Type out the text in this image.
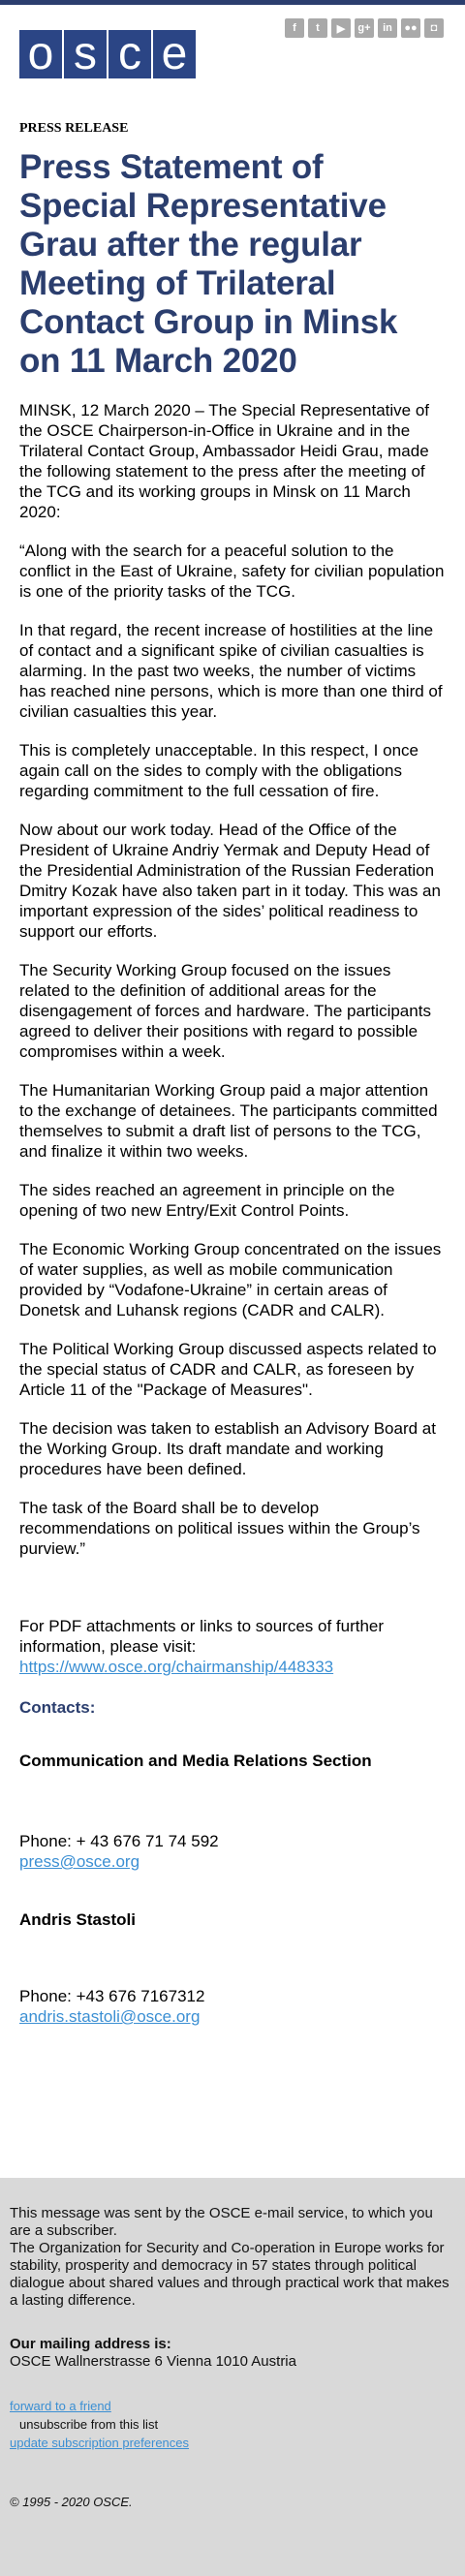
o s c e	f	t	▶	g+	in	●●	◘
PRESS RELEASE
Press Statement of Special Representative Grau after the regular Meeting of Trilateral Contact Group in Minsk on 11 March 2020

MINSK, 12 March 2020 – The Special Representative of the OSCE Chairperson-in-Office in Ukraine and in the Trilateral Contact Group, Ambassador Heidi Grau, made the following statement to the press after the meeting of the TCG and its working groups in Minsk on 11 March 2020:

“Along with the search for a peaceful solution to the conflict in the East of Ukraine, safety for civilian population is one of the priority tasks of the TCG.

In that regard, the recent increase of hostilities at the line of contact and a significant spike of civilian casualties is alarming. In the past two weeks, the number of victims has reached nine persons, which is more than one third of civilian casualties this year.

This is completely unacceptable. In this respect, I once again call on the sides to comply with the obligations regarding commitment to the full cessation of fire.

Now about our work today. Head of the Office of the President of Ukraine Andriy Yermak and Deputy Head of the Presidential Administration of the Russian Federation Dmitry Kozak have also taken part in it today. This was an important expression of the sides’ political readiness to support our efforts.

The Security Working Group focused on the issues related to the definition of additional areas for the disengagement of forces and hardware. The participants agreed to deliver their positions with regard to possible compromises within a week.

The Humanitarian Working Group paid a major attention to the exchange of detainees. The participants committed themselves to submit a draft list of persons to the TCG, and finalize it within two weeks.

The sides reached an agreement in principle on the opening of two new Entry/Exit Control Points.

The Economic Working Group concentrated on the issues of water supplies, as well as mobile communication provided by “Vodafone-Ukraine” in certain areas of Donetsk and Luhansk regions (CADR and CALR).

The Political Working Group discussed aspects related to the special status of CADR and CALR, as foreseen by Article 11 of the "Package of Measures".

The decision was taken to establish an Advisory Board at the Working Group. Its draft mandate and working procedures have been defined.

The task of the Board shall be to develop recommendations on political issues within the Group’s purview.”

For PDF attachments or links to sources of further information, please visit:
https://www.osce.org/chairmanship/448333
Contacts:
Communication and Media Relations Section
Phone: + 43 676 71 74 592
press@osce.org
Andris Stastoli
Phone: +43 676 7167312
andris.stastoli@osce.org

This message was sent by the OSCE e-mail service, to which you are a subscriber.

The Organization for Security and Co-operation in Europe works for stability, prosperity and democracy in 57 states through political dialogue about shared values and through practical work that makes a lasting difference.

Our mailing address is:

OSCE Wallnerstrasse 6 Vienna 1010 Austria

forward to a friend
unsubscribe from this list
update subscription preferences

© 1995 - 2020 OSCE.
